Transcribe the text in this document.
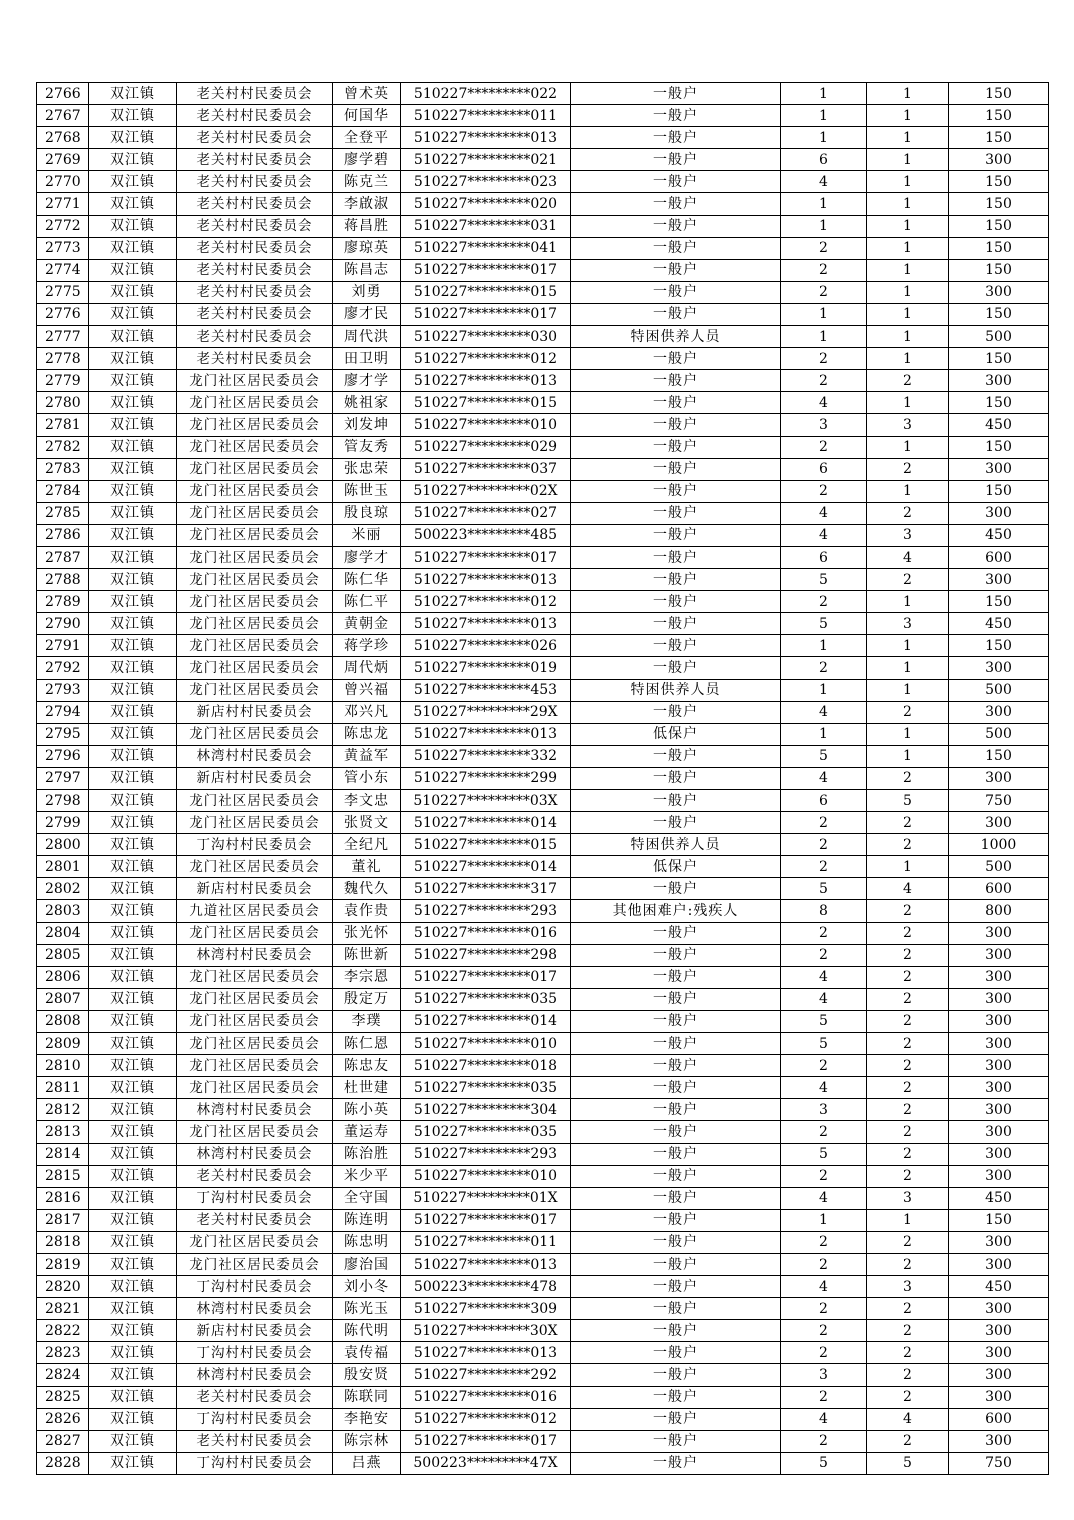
2766	双江镇	老关村村民委员会	曾术英	510227*********022	一般户	1	1	150
2767	双江镇	老关村村民委员会	何国华	510227*********011	一般户	1	1	150
2768	双江镇	老关村村民委员会	全登平	510227*********013	一般户	1	1	150
2769	双江镇	老关村村民委员会	廖学碧	510227*********021	一般户	6	1	300
2770	双江镇	老关村村民委员会	陈克兰	510227*********023	一般户	4	1	150
2771	双江镇	老关村村民委员会	李啟淑	510227*********020	一般户	1	1	150
2772	双江镇	老关村村民委员会	蒋昌胜	510227*********031	一般户	1	1	150
2773	双江镇	老关村村民委员会	廖琼英	510227*********041	一般户	2	1	150
2774	双江镇	老关村村民委员会	陈昌志	510227*********017	一般户	2	1	150
2775	双江镇	老关村村民委员会	刘勇	510227*********015	一般户	2	1	300
2776	双江镇	老关村村民委员会	廖才民	510227*********017	一般户	1	1	150
2777	双江镇	老关村村民委员会	周代洪	510227*********030	特困供养人员	1	1	500
2778	双江镇	老关村村民委员会	田卫明	510227*********012	一般户	2	1	150
2779	双江镇	龙门社区居民委员会	廖才学	510227*********013	一般户	2	2	300
2780	双江镇	龙门社区居民委员会	姚祖家	510227*********015	一般户	4	1	150
2781	双江镇	龙门社区居民委员会	刘发坤	510227*********010	一般户	3	3	450
2782	双江镇	龙门社区居民委员会	管友秀	510227*********029	一般户	2	1	150
2783	双江镇	龙门社区居民委员会	张忠荣	510227*********037	一般户	6	2	300
2784	双江镇	龙门社区居民委员会	陈世玉	510227*********02X	一般户	2	1	150
2785	双江镇	龙门社区居民委员会	殷良琼	510227*********027	一般户	4	2	300
2786	双江镇	龙门社区居民委员会	米丽	500223*********485	一般户	4	3	450
2787	双江镇	龙门社区居民委员会	廖学才	510227*********017	一般户	6	4	600
2788	双江镇	龙门社区居民委员会	陈仁华	510227*********013	一般户	5	2	300
2789	双江镇	龙门社区居民委员会	陈仁平	510227*********012	一般户	2	1	150
2790	双江镇	龙门社区居民委员会	黄朝金	510227*********013	一般户	5	3	450
2791	双江镇	龙门社区居民委员会	蒋学珍	510227*********026	一般户	1	1	150
2792	双江镇	龙门社区居民委员会	周代炳	510227*********019	一般户	2	1	300
2793	双江镇	龙门社区居民委员会	曾兴福	510227*********453	特困供养人员	1	1	500
2794	双江镇	新店村村民委员会	邓兴凡	510227*********29X	一般户	4	2	300
2795	双江镇	龙门社区居民委员会	陈忠龙	510227*********013	低保户	1	1	500
2796	双江镇	林湾村村民委员会	黄益军	510227*********332	一般户	5	1	150
2797	双江镇	新店村村民委员会	管小东	510227*********299	一般户	4	2	300
2798	双江镇	龙门社区居民委员会	李文忠	510227*********03X	一般户	6	5	750
2799	双江镇	龙门社区居民委员会	张贤文	510227*********014	一般户	2	2	300
2800	双江镇	丁沟村村民委员会	全纪凡	510227*********015	特困供养人员	2	2	1000
2801	双江镇	龙门社区居民委员会	董礼	510227*********014	低保户	2	1	500
2802	双江镇	新店村村民委员会	魏代久	510227*********317	一般户	5	4	600
2803	双江镇	九道社区居民委员会	袁作贵	510227*********293	其他困难户:残疾人	8	2	800
2804	双江镇	龙门社区居民委员会	张光怀	510227*********016	一般户	2	2	300
2805	双江镇	林湾村村民委员会	陈世新	510227*********298	一般户	2	2	300
2806	双江镇	龙门社区居民委员会	李宗恩	510227*********017	一般户	4	2	300
2807	双江镇	龙门社区居民委员会	殷定万	510227*********035	一般户	4	2	300
2808	双江镇	龙门社区居民委员会	李璞	510227*********014	一般户	5	2	300
2809	双江镇	龙门社区居民委员会	陈仁恩	510227*********010	一般户	5	2	300
2810	双江镇	龙门社区居民委员会	陈忠友	510227*********018	一般户	2	2	300
2811	双江镇	龙门社区居民委员会	杜世建	510227*********035	一般户	4	2	300
2812	双江镇	林湾村村民委员会	陈小英	510227*********304	一般户	3	2	300
2813	双江镇	龙门社区居民委员会	董运寿	510227*********035	一般户	2	2	300
2814	双江镇	林湾村村民委员会	陈治胜	510227*********293	一般户	5	2	300
2815	双江镇	老关村村民委员会	米少平	510227*********010	一般户	2	2	300
2816	双江镇	丁沟村村民委员会	全守国	510227*********01X	一般户	4	3	450
2817	双江镇	老关村村民委员会	陈连明	510227*********017	一般户	1	1	150
2818	双江镇	龙门社区居民委员会	陈忠明	510227*********011	一般户	2	2	300
2819	双江镇	龙门社区居民委员会	廖治国	510227*********013	一般户	2	2	300
2820	双江镇	丁沟村村民委员会	刘小冬	500223*********478	一般户	4	3	450
2821	双江镇	林湾村村民委员会	陈光玉	510227*********309	一般户	2	2	300
2822	双江镇	新店村村民委员会	陈代明	510227*********30X	一般户	2	2	300
2823	双江镇	丁沟村村民委员会	袁传福	510227*********013	一般户	2	2	300
2824	双江镇	林湾村村民委员会	殷安贤	510227*********292	一般户	3	2	300
2825	双江镇	老关村村民委员会	陈联同	510227*********016	一般户	2	2	300
2826	双江镇	丁沟村村民委员会	李艳安	510227*********012	一般户	4	4	600
2827	双江镇	老关村村民委员会	陈宗林	510227*********017	一般户	2	2	300
2828	双江镇	丁沟村村民委员会	吕燕	500223*********47X	一般户	5	5	750
